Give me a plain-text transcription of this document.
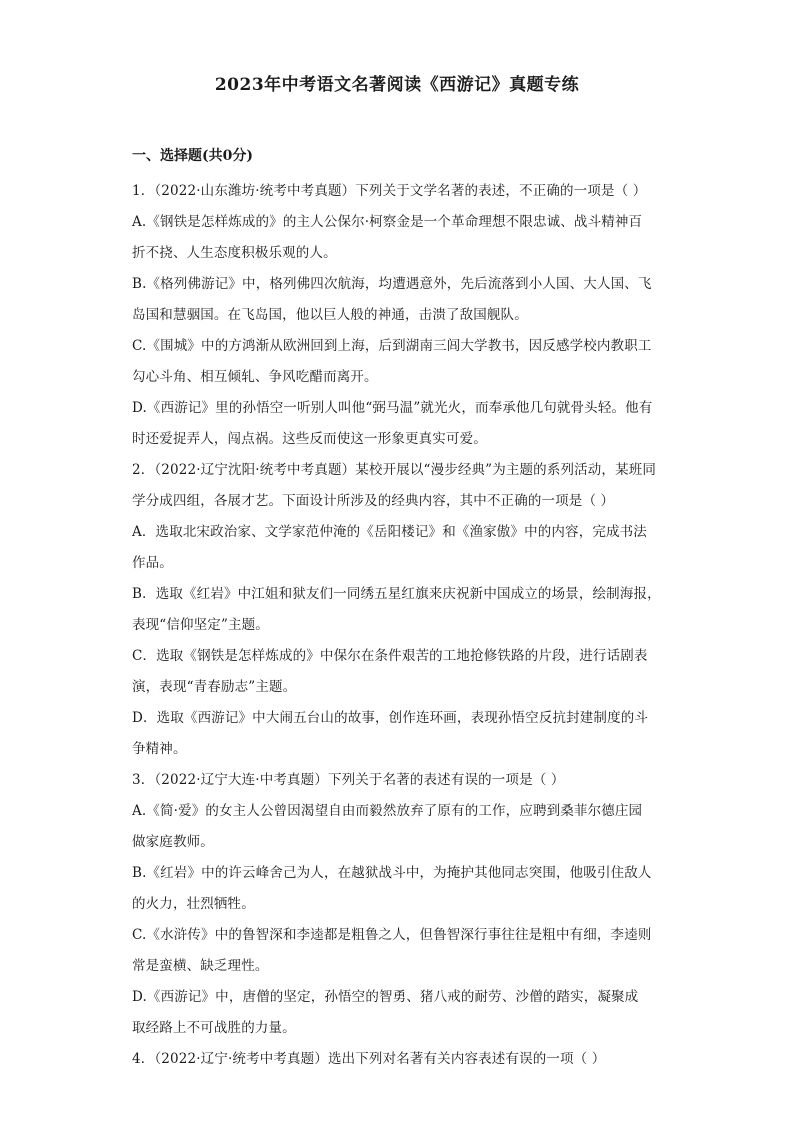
2023年中考语文名著阅读《西游记》真题专练
一、选择题(共0分)
1．（2022·山东潍坊·统考中考真题）下列关于文学名著的表述，不正确的一项是（ ）
A.《钢铁是怎样炼成的》的主人公保尔·柯察金是一个革命理想不限忠诚、战斗精神百
折不挠、人生态度积极乐观的人。
B.《格列佛游记》中，格列佛四次航海，均遭遇意外，先后流落到小人国、大人国、飞
岛国和慧骃国。在飞岛国，他以巨人般的神通，击溃了敌国舰队。
C.《围城》中的方鸿渐从欧洲回到上海，后到湖南三闾大学教书，因反感学校内教职工
勾心斗角、相互倾轧、争风吃醋而离开。
D.《西游记》里的孙悟空一听别人叫他“弼马温”就光火，而奉承他几句就骨头轻。他有
时还爱捉弄人，闯点祸。这些反而使这一形象更真实可爱。
2．（2022·辽宁沈阳·统考中考真题）某校开展以“漫步经典”为主题的系列活动，某班同
学分成四组，各展才艺。下面设计所涉及的经典内容，其中不正确的一项是（ ）
A．选取北宋政治家、文学家范仲淹的《岳阳楼记》和《渔家傲》中的内容，完成书法
作品。
B．选取《红岩》中江姐和狱友们一同绣五星红旗来庆祝新中国成立的场景，绘制海报，
表现“信仰坚定”主题。
C．选取《钢铁是怎样炼成的》中保尔在条件艰苦的工地抢修铁路的片段，进行话剧表
演，表现“青春励志”主题。
D．选取《西游记》中大闹五台山的故事，创作连环画，表现孙悟空反抗封建制度的斗
争精神。
3．（2022·辽宁大连·中考真题）下列关于名著的表述有误的一项是（ ）
A.《简·爱》的女主人公曾因渴望自由而毅然放弃了原有的工作，应聘到桑菲尔德庄园
做家庭教师。
B.《红岩》中的许云峰舍己为人，在越狱战斗中，为掩护其他同志突围，他吸引住敌人
的火力，壮烈牺牲。
C.《水浒传》中的鲁智深和李逵都是粗鲁之人，但鲁智深行事往往是粗中有细，李逵则
常是蛮横、缺乏理性。
D.《西游记》中，唐僧的坚定，孙悟空的智勇、猪八戒的耐劳、沙僧的踏实，凝聚成
取经路上不可战胜的力量。
4．（2022·辽宁·统考中考真题）选出下列对名著有关内容表述有误的一项（ ）
